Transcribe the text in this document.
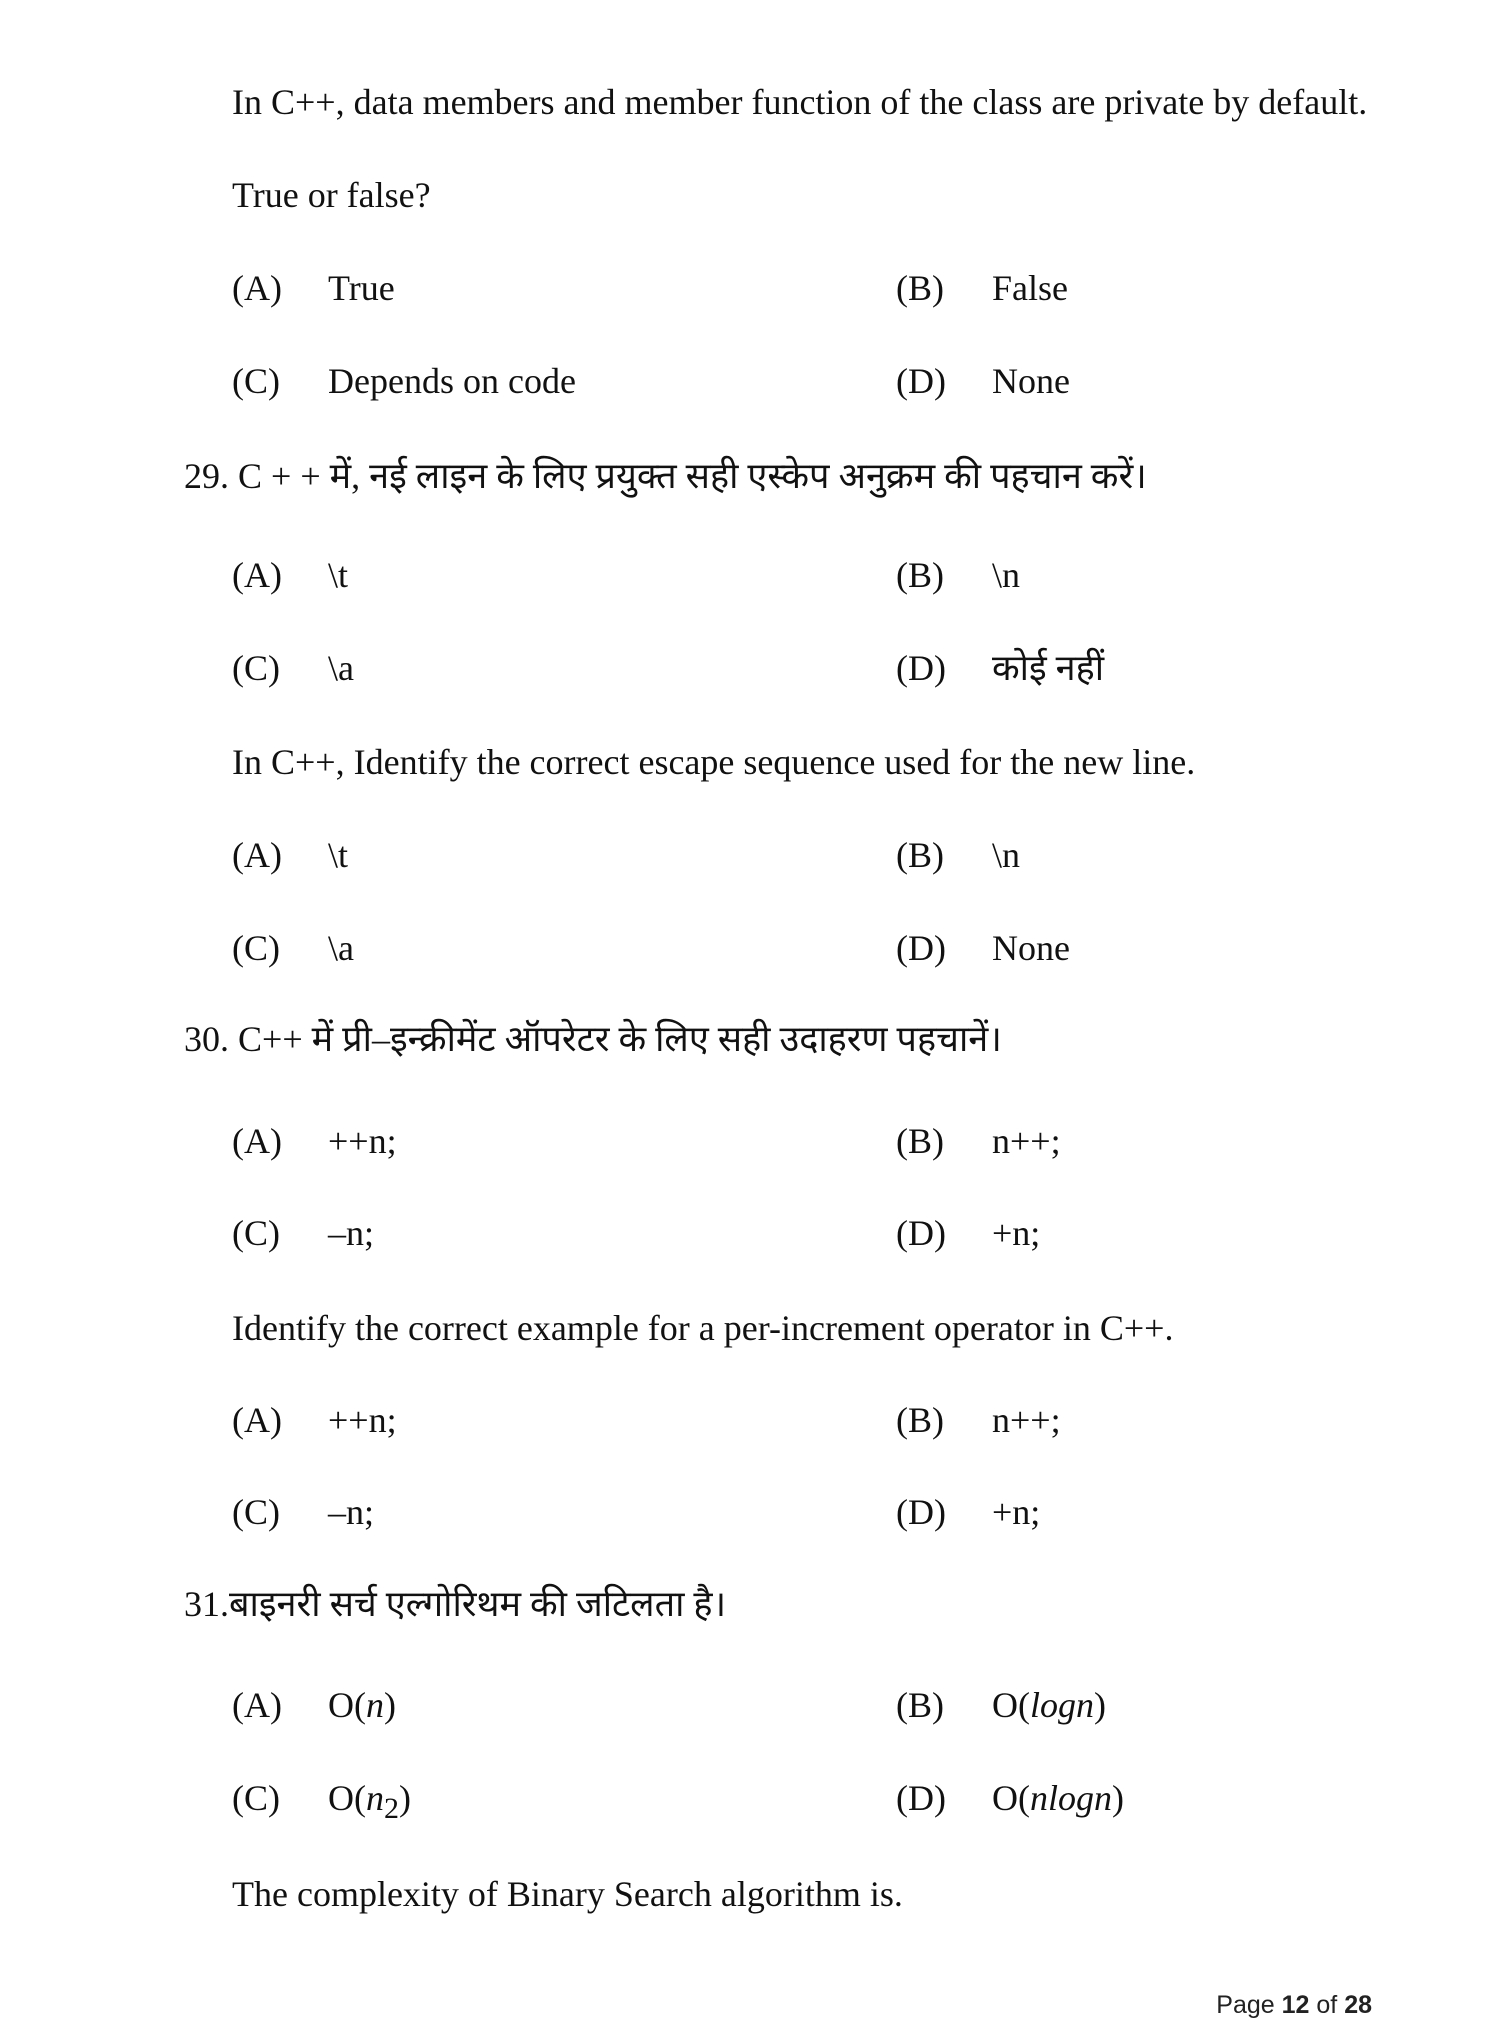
In C++, data members and member function of the class are private by default.
True or false?
(A) True	(B) False
(C) Depends on code	(D) None
29. C + + में, नई लाइन के लिए प्रयुक्त सही एस्केप अनुक्रम की पहचान करें।
(A) \t	(B) \n
(C) \a	(D) कोई नहीं
In C++, Identify the correct escape sequence used for the new line.
(A) \t	(B) \n
(C) \a	(D) None
30. C++ में प्री–इन्क्रीमेंट ऑपरेटर के लिए सही उदाहरण पहचानें।
(A) ++n;	(B) n++;
(C) –n;	(D) +n;
Identify the correct example for a per-increment operator in C++.
(A) ++n;	(B) n++;
(C) –n;	(D) +n;
31.बाइनरी सर्च एल्गोरिथम की जटिलता है।
(A) O(n)	(B) O(logn)
(C) $O(n_2)$	(D) O(nlogn)
The complexity of Binary Search algorithm is.
Page 12 of 28
